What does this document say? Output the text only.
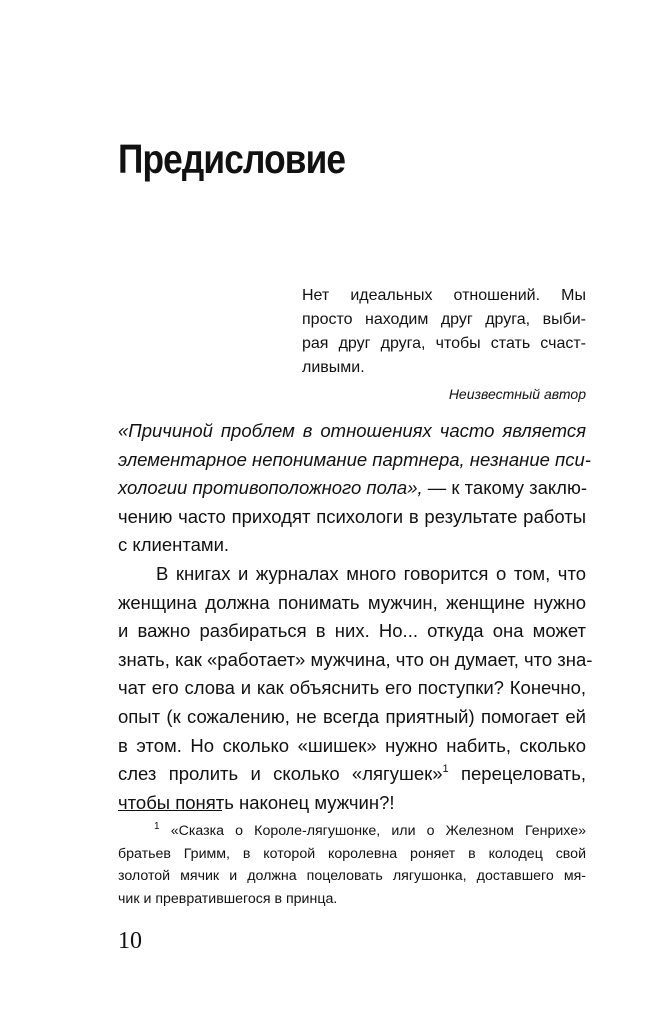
Предисловие
Нет идеальных отношений. Мы
просто находим друг друга, выби-
рая друг друга, чтобы стать счаст-
ливыми.
Неизвестный автор
«Причиной проблем в отношениях часто является
элементарное непонимание партнера, незнание пси-
хологии противоположного пола», — к такому заклю-
чению часто приходят психологи в результате работы
с клиентами.
В книгах и журналах много говорится о том, что
женщина должна понимать мужчин, женщине нужно
и важно разбираться в них. Но... откуда она может
знать, как «работает» мужчина, что он думает, что зна-
чат его слова и как объяснить его поступки? Конечно,
опыт (к сожалению, не всегда приятный) помогает ей
в этом. Но сколько «шишек» нужно набить, сколько
слез пролить и сколько «лягушек»$^1$ перецеловать,
чтобы понять наконец мужчин?!
$^1$ «Сказка о Короле-лягушонке, или о Железном Генрихе»
братьев Гримм, в которой королевна роняет в колодец свой
золотой мячик и должна поцеловать лягушонка, доставшего мя-
чик и превратившегося в принца.
10
